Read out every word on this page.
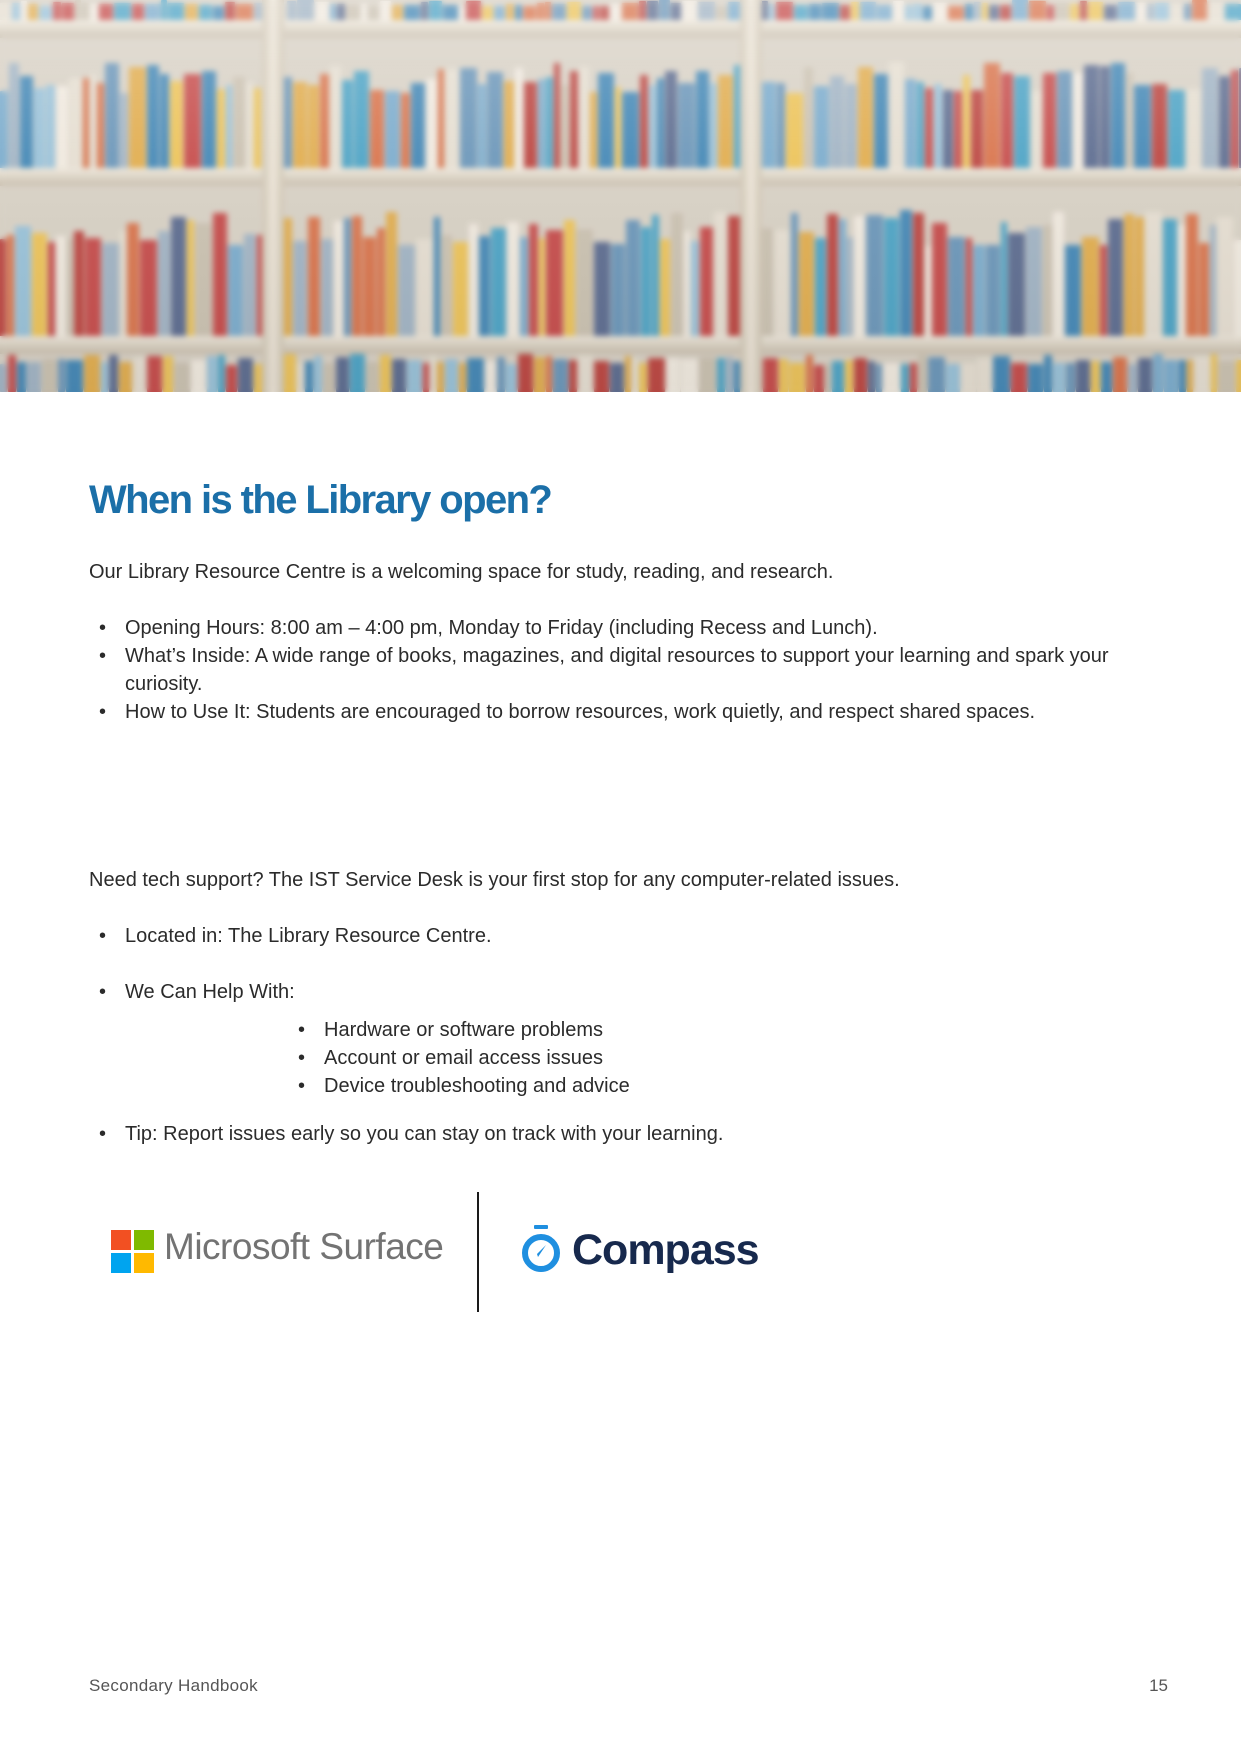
When is the Library open?

Our Library Resource Centre is a welcoming space for study, reading, and research.

• Opening Hours: 8:00 am – 4:00 pm, Monday to Friday (including Recess and Lunch).
• What’s Inside: A wide range of books, magazines, and digital resources to support your learning and spark your curiosity.
• How to Use It: Students are encouraged to borrow resources, work quietly, and respect shared spaces.

Need tech support? The IST Service Desk is your first stop for any computer-related issues.

• Located in: The Library Resource Centre.
• We Can Help With:
• Hardware or software problems
• Account or email access issues
• Device troubleshooting and advice
• Tip: Report issues early so you can stay on track with your learning.
Microsoft Surface	Compass
Secondary Handbook	15
